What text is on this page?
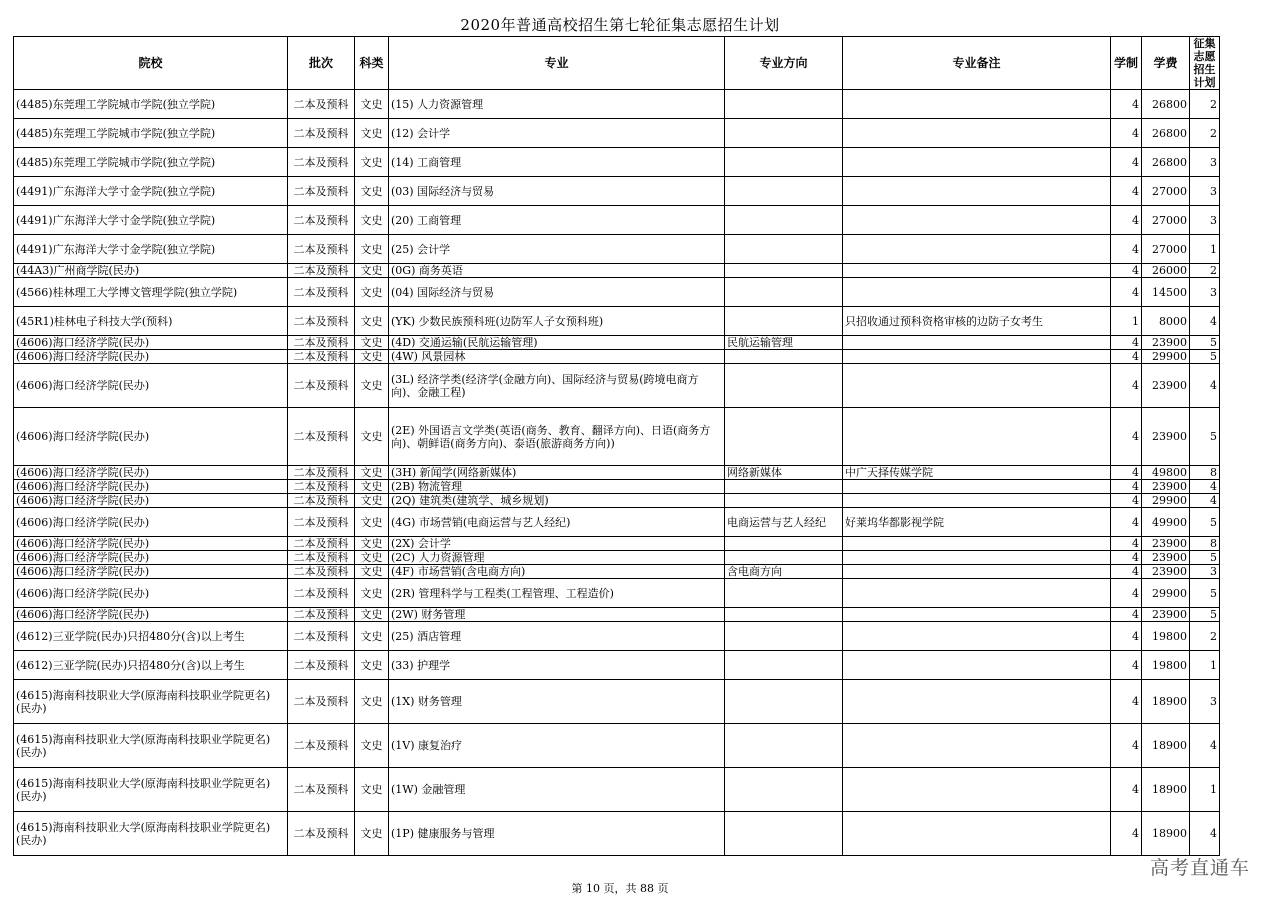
2020年普通高校招生第七轮征集志愿招生计划
院校	批次	科类	专业	专业方向	专业备注	学制	学费	征集志愿招生计划
(4485)东莞理工学院城市学院(独立学院)	二本及预科	文史	(15) 人力资源管理			4	26800	2
(4485)东莞理工学院城市学院(独立学院)	二本及预科	文史	(12) 会计学			4	26800	2
(4485)东莞理工学院城市学院(独立学院)	二本及预科	文史	(14) 工商管理			4	26800	3
(4491)广东海洋大学寸金学院(独立学院)	二本及预科	文史	(03) 国际经济与贸易			4	27000	3
(4491)广东海洋大学寸金学院(独立学院)	二本及预科	文史	(20) 工商管理			4	27000	3
(4491)广东海洋大学寸金学院(独立学院)	二本及预科	文史	(25) 会计学			4	27000	1
(44A3)广州商学院(民办)	二本及预科	文史	(0G) 商务英语			4	26000	2
(4566)桂林理工大学博文管理学院(独立学院)	二本及预科	文史	(04) 国际经济与贸易			4	14500	3
(45R1)桂林电子科技大学(预科)	二本及预科	文史	(YK) 少数民族预科班(边防军人子女预科班)		只招收通过预科资格审核的边防子女考生	1	8000	4
(4606)海口经济学院(民办)	二本及预科	文史	(4D) 交通运输(民航运输管理)	民航运输管理		4	23900	5
(4606)海口经济学院(民办)	二本及预科	文史	(4W) 风景园林			4	29900	5
(4606)海口经济学院(民办)	二本及预科	文史	(3L) 经济学类(经济学(金融方向)、国际经济与贸易(跨境电商方向)、金融工程)			4	23900	4
(4606)海口经济学院(民办)	二本及预科	文史	(2E) 外国语言文学类(英语(商务、教育、翻译方向)、日语(商务方向)、朝鲜语(商务方向)、泰语(旅游商务方向))			4	23900	5
(4606)海口经济学院(民办)	二本及预科	文史	(3H) 新闻学(网络新媒体)	网络新媒体	中广天择传媒学院	4	49800	8
(4606)海口经济学院(民办)	二本及预科	文史	(2B) 物流管理			4	23900	4
(4606)海口经济学院(民办)	二本及预科	文史	(2Q) 建筑类(建筑学、城乡规划)			4	29900	4
(4606)海口经济学院(民办)	二本及预科	文史	(4G) 市场营销(电商运营与艺人经纪)	电商运营与艺人经纪	好莱坞华都影视学院	4	49900	5
(4606)海口经济学院(民办)	二本及预科	文史	(2X) 会计学			4	23900	8
(4606)海口经济学院(民办)	二本及预科	文史	(2C) 人力资源管理			4	23900	5
(4606)海口经济学院(民办)	二本及预科	文史	(4F) 市场营销(含电商方向)	含电商方向		4	23900	3
(4606)海口经济学院(民办)	二本及预科	文史	(2R) 管理科学与工程类(工程管理、工程造价)			4	29900	5
(4606)海口经济学院(民办)	二本及预科	文史	(2W) 财务管理			4	23900	5
(4612)三亚学院(民办)只招480分(含)以上考生	二本及预科	文史	(25) 酒店管理			4	19800	2
(4612)三亚学院(民办)只招480分(含)以上考生	二本及预科	文史	(33) 护理学			4	19800	1
(4615)海南科技职业大学(原海南科技职业学院更名)(民办)	二本及预科	文史	(1X) 财务管理			4	18900	3
(4615)海南科技职业大学(原海南科技职业学院更名)(民办)	二本及预科	文史	(1V) 康复治疗			4	18900	4
(4615)海南科技职业大学(原海南科技职业学院更名)(民办)	二本及预科	文史	(1W) 金融管理			4	18900	1
(4615)海南科技职业大学(原海南科技职业学院更名)(民办)	二本及预科	文史	(1P) 健康服务与管理			4	18900	4
第 10 页，共 88 页
高考直通车
